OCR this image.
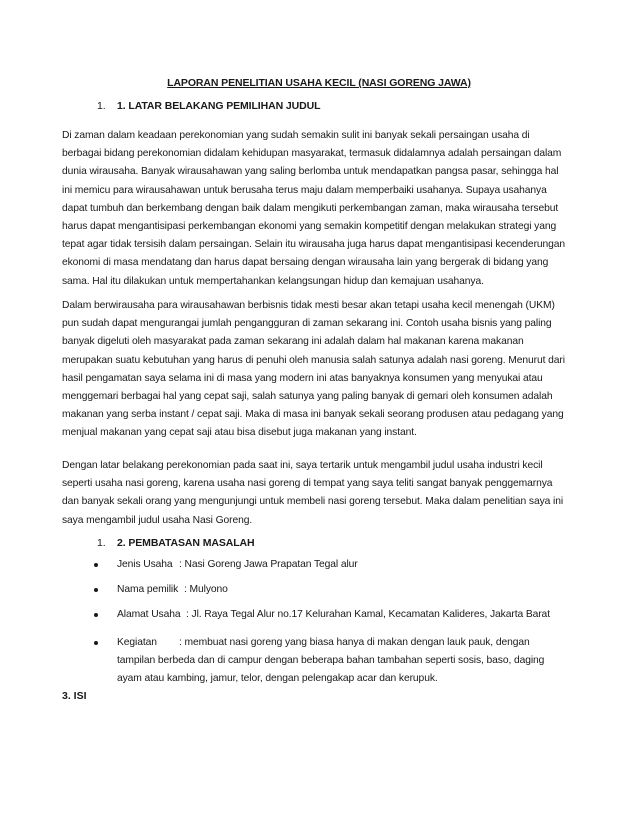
LAPORAN PENELITIAN USAHA KECIL (NASI GORENG JAWA)
1. 1. LATAR BELAKANG PEMILIHAN JUDUL
Di zaman dalam keadaan perekonomian yang sudah semakin sulit ini banyak sekali persaingan usaha di berbagai bidang perekonomian didalam kehidupan masyarakat, termasuk didalamnya adalah persaingan dalam dunia wirausaha. Banyak wirausahawan yang saling berlomba untuk mendapatkan pangsa pasar, sehingga hal ini memicu para wirausahawan untuk berusaha terus maju dalam memperbaiki usahanya. Supaya usahanya dapat tumbuh dan berkembang dengan baik dalam mengikuti perkembangan zaman, maka wirausaha tersebut harus dapat mengantisipasi perkembangan ekonomi yang semakin kompetitif dengan melakukan strategi yang tepat agar tidak tersisih dalam persaingan. Selain itu wirausaha juga harus dapat mengantisipasi kecenderungan ekonomi di masa mendatang dan harus dapat bersaing dengan wirausaha lain yang bergerak di bidang yang sama. Hal itu dilakukan untuk mempertahankan kelangsungan hidup dan kemajuan usahanya.
Dalam berwirausaha para wirausahawan berbisnis tidak mesti besar akan tetapi usaha kecil menengah (UKM) pun sudah dapat mengurangai jumlah pengangguran di zaman sekarang ini. Contoh usaha bisnis yang paling banyak digeluti oleh masyarakat pada zaman sekarang ini adalah dalam hal makanan karena makanan merupakan suatu kebutuhan yang harus di penuhi oleh manusia salah satunya adalah nasi goreng. Menurut dari hasil pengamatan saya selama ini di masa yang modern ini atas banyaknya konsumen yang menyukai atau menggemari berbagai hal yang cepat saji, salah satunya yang paling banyak di gemari oleh konsumen adalah makanan yang serba instant / cepat saji. Maka di masa ini banyak sekali seorang produsen atau pedagang yang menjual makanan yang cepat saji atau bisa disebut juga makanan yang instant.
Dengan latar belakang perekonomian pada saat ini, saya tertarik untuk mengambil judul usaha industri kecil seperti usaha nasi goreng, karena usaha nasi goreng di tempat yang saya teliti sangat banyak penggemarnya dan banyak sekali orang yang mengunjungi untuk membeli nasi goreng tersebut. Maka dalam penelitian saya ini saya mengambil judul usaha Nasi Goreng.
1. 2. PEMBATASAN MASALAH
Jenis Usaha : Nasi Goreng Jawa Prapatan Tegal alur
Nama pemilik : Mulyono
Alamat Usaha : Jl. Raya Tegal Alur no.17 Kelurahan Kamal, Kecamatan Kalideres, Jakarta Barat
Kegiatan : membuat nasi goreng yang biasa hanya di makan dengan lauk pauk, dengan
tampilan berbeda dan di campur dengan beberapa bahan tambahan seperti sosis, baso, daging ayam atau kambing, jamur, telor, dengan pelengakap acar dan kerupuk.
3. ISI
